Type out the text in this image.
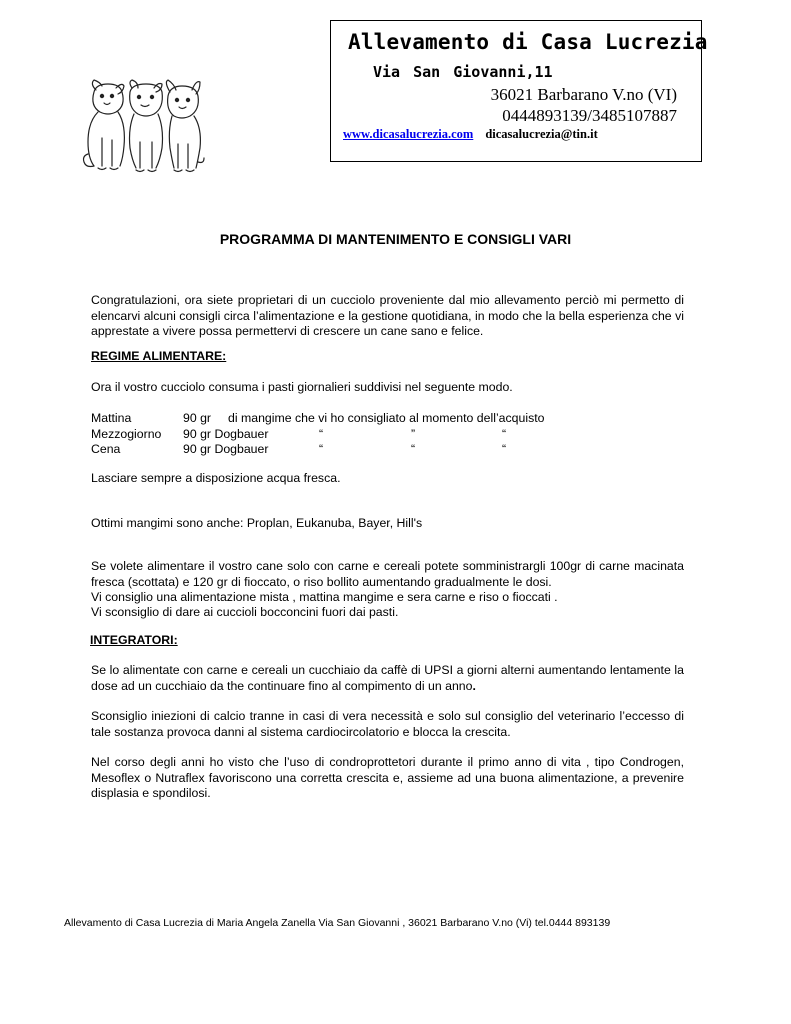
Allevamento di Casa Lucrezia
Via San Giovanni,11
36021 Barbarano V.no (VI)
0444893139/3485107887
www.dicasalucrezia.com dicasalucrezia@tin.it
PROGRAMMA DI MANTENIMENTO E CONSIGLI VARI
Congratulazioni, ora siete proprietari di un cucciolo proveniente dal mio allevamento perciò mi permetto di elencarvi alcuni consigli circa l’alimentazione e la gestione quotidiana, in modo che la bella esperienza che vi apprestate a vivere possa permettervi di crescere un cane sano e felice.
REGIME ALIMENTARE:
Ora il vostro cucciolo consuma i pasti giornalieri suddivisi nel seguente modo.
Mattina	90 gr di mangime che vi ho consigliato al momento dell’acquisto
Mezzogiorno 90 gr Dogbauer	“	”	“
Cena	90 gr Dogbauer	“	“	“
Lasciare sempre a disposizione acqua fresca.
Ottimi mangimi sono anche: Proplan, Eukanuba, Bayer, Hill's
Se volete alimentare il vostro cane solo con carne e cereali potete somministrargli 100gr di carne macinata fresca (scottata) e 120 gr di fioccato, o riso bollito aumentando gradualmente le dosi.
Vi consiglio una alimentazione mista , mattina mangime e sera carne e riso o fioccati .
Vi sconsiglio di dare ai cuccioli bocconcini fuori dai pasti.
INTEGRATORI:
Se lo alimentate con carne e cereali un cucchiaio da caffè di UPSI a giorni alterni aumentando lentamente la dose ad un cucchiaio da the continuare fino al compimento di un anno.
Sconsiglio iniezioni di calcio tranne in casi di vera necessità e solo sul consiglio del veterinario l’eccesso di tale sostanza provoca danni al sistema cardiocircolatorio e blocca la crescita.
Nel corso degli anni ho visto che l’uso di condroprottetori durante il primo anno di vita , tipo Condrogen, Mesoflex o Nutraflex favoriscono una corretta crescita e, assieme ad una buona alimentazione, a prevenire displasia e spondilosi.
Allevamento di Casa Lucrezia di Maria Angela Zanella Via San Giovanni , 36021 Barbarano V.no (Vi) tel.0444 893139
